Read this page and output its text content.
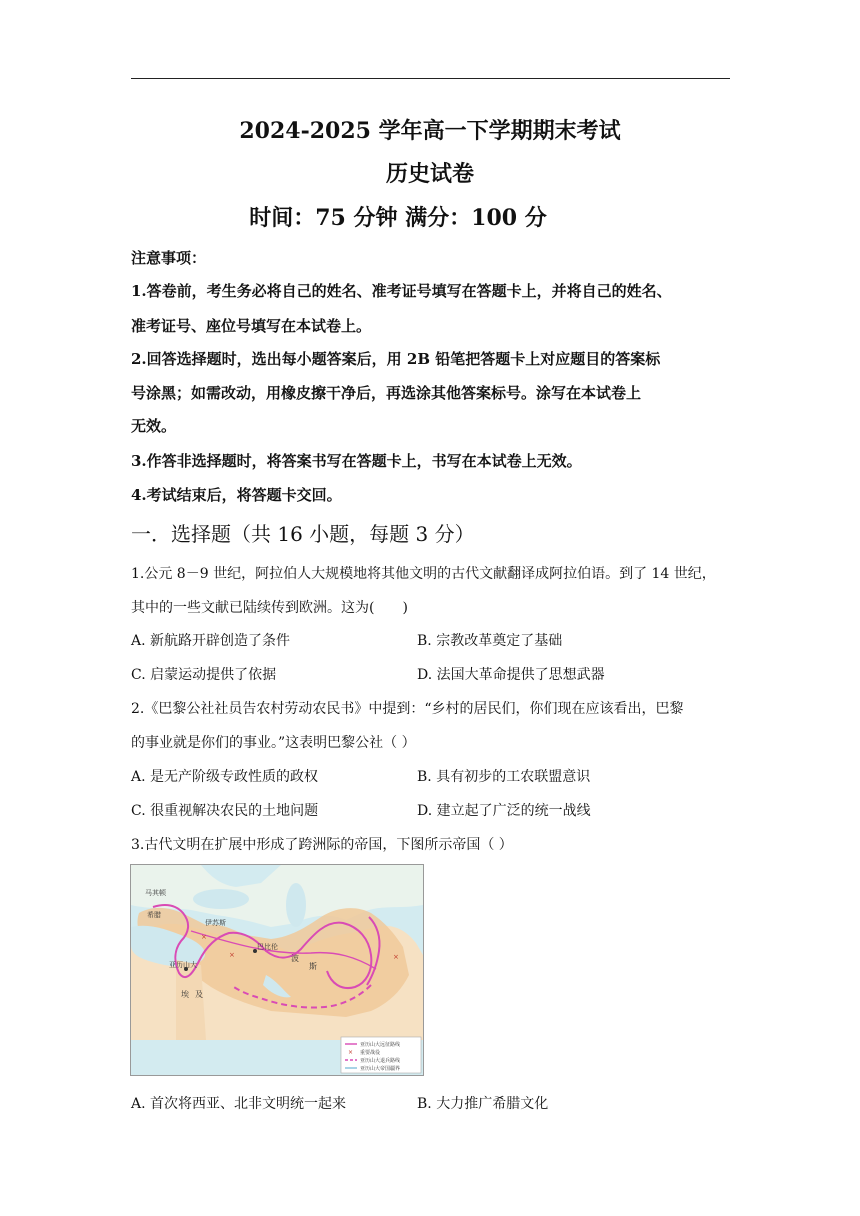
2024-2025 学年高一下学期期末考试
历史试卷
时间：75 分钟 满分：100 分
注意事项：
1.答卷前，考生务必将自己的姓名、准考证号填写在答题卡上，并将自己的姓名、
准考证号、座位号填写在本试卷上。
2.回答选择题时，选出每小题答案后，用 2B 铅笔把答题卡上对应题目的答案标
号涂黑；如需改动，用橡皮擦干净后，再选涂其他答案标号。涂写在本试卷上
无效。
3.作答非选择题时，将答案书写在答题卡上，书写在本试卷上无效。
4.考试结束后，将答题卡交回。
一．选择题（共 16 小题，每题 3 分）
1.公元 8－9 世纪，阿拉伯人大规模地将其他文明的古代文献翻译成阿拉伯语。到了 14 世纪，
其中的一些文献已陆续传到欧洲。这为(　　)
A. 新航路开辟创造了条件	B. 宗教改革奠定了基础
C. 启蒙运动提供了依据	D. 法国大革命提供了思想武器
2.《巴黎公社社员告农村劳动农民书》中提到：“乡村的居民们，你们现在应该看出，巴黎
的事业就是你们的事业。”这表明巴黎公社（ ）
A. 是无产阶级专政性质的政权	B. 具有初步的工农联盟意识
C. 很重视解决农民的土地问题	D. 建立起了广泛的统一战线
3.古代文明在扩展中形成了跨洲际的帝国，下图所示帝国（ ）
×
×	×
马其顿
希腊
伊苏斯
巴比伦
亚历山大
波
斯
埃 及
亚历山大远征路线
× 重要战役
亚历山大退兵路线
亚历山大帝国疆界
A. 首次将西亚、北非文明统一起来	B. 大力推广希腊文化
